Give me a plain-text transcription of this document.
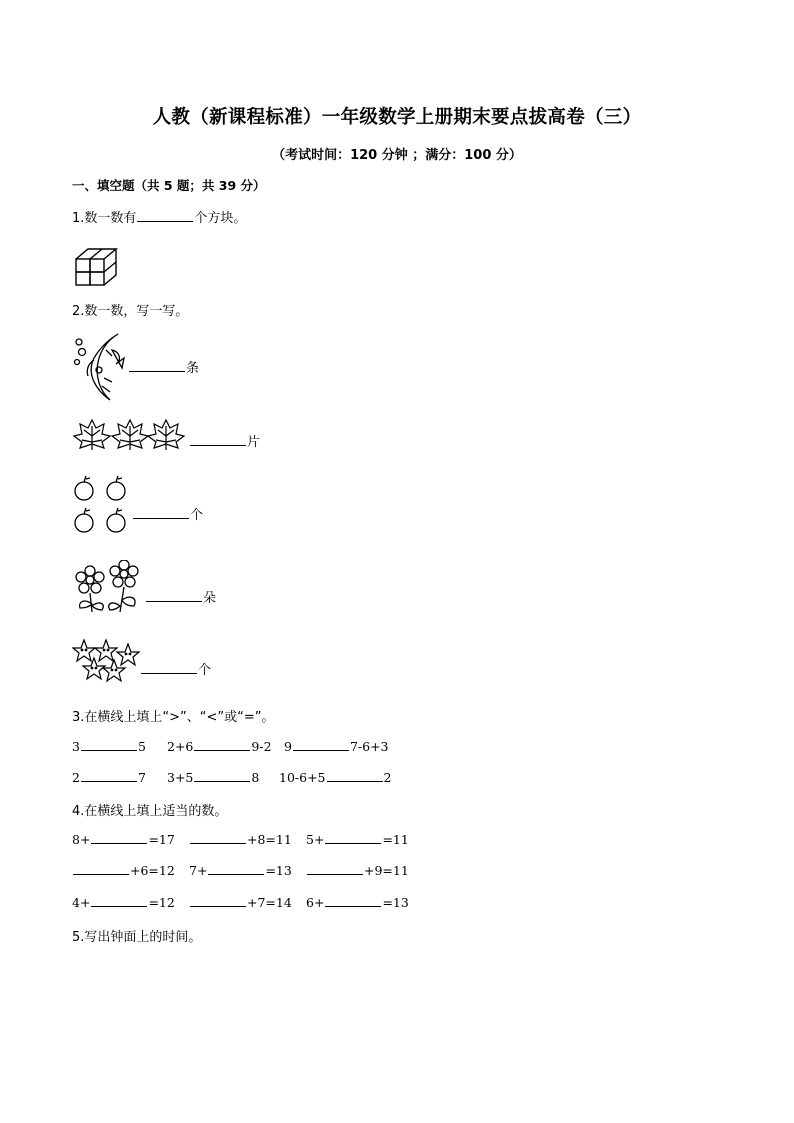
人教（新课程标准）一年级数学上册期末要点拔高卷（三）
（考试时间：120 分钟 ；满分：100 分）
一、填空题（共 5 题；共 39 分）
1.数一数有	个方块。
2.数一数，写一写。
条
片
个
朵
个
3.在横线上填上“>”、“<”或“=”。
3	5 2+6	9-2 9	7-6+3
2	7 3+5	8 10-6+5	2
4.在横线上填上适当的数。
8+	=17	+8=11 5+	=11
+6=12 7+	=13	+9=11
4+	=12	+7=14 6+	=13
5.写出钟面上的时间。
